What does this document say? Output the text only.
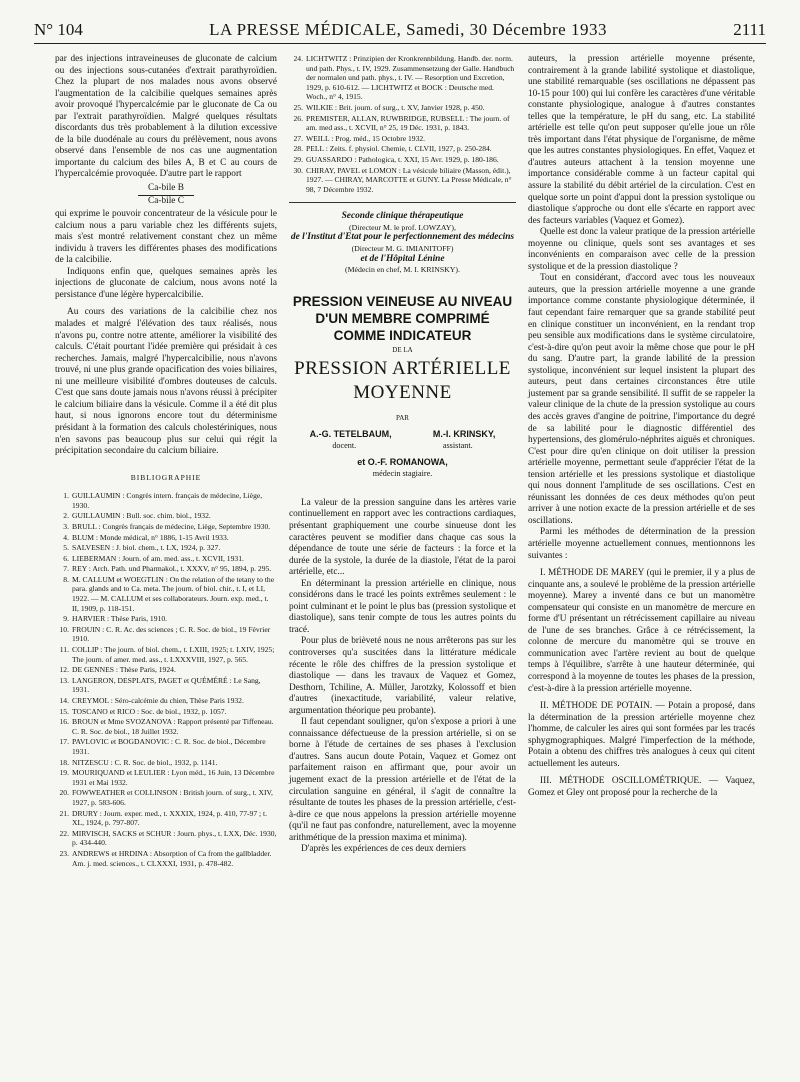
N° 104	LA PRESSE MÉDICALE, Samedi, 30 Décembre 1933	2111

par des injections intraveineuses de gluconate de calcium ou des injections sous-cutanées d'extrait parathyroïdien. Chez la plupart de nos malades nous avons observé l'augmentation de la calcibilie quelques semaines après avoir provoqué l'hypercalcémie par le gluconate de Ca ou par l'extrait parathyroïdien. Malgré quelques résultats discordants dus très probablement à la dilution excessive de la bile duodénale au cours du prélèvement, nous avons observé dans l'ensemble de nos cas une augmentation importante du calcium des biles A, B et C au cours de l'hypercalcémie provoquée. D'autre part le rapport

Ca-bile B
Ca-bile C

qui exprime le pouvoir concentrateur de la vésicule pour le calcium nous a paru variable chez les différents sujets, mais s'est montré relativement constant chez un même individu à travers les différentes phases des modifications de la calcibilie.

Indiquons enfin que, quelques semaines après les injections de gluconate de calcium, nous avons noté la persistance d'une légère hypercalcibilie.

Au cours des variations de la calcibilie chez nos malades et malgré l'élévation des taux réalisés, nous n'avons pu, contre notre attente, améliorer la visibilité des calculs. C'était pourtant l'idée première qui présidait à ces recherches. Jamais, malgré l'hypercalcibilie, nous n'avons trouvé, ni une plus grande opacification des voies biliaires, ni une meilleure visibilité d'ombres douteuses de calculs. C'est que sans doute jamais nous n'avons réussi à précipiter le calcium biliaire dans la vésicule. Comme il a été dit plus haut, si nous ignorons encore tout du déterminisme présidant à la formation des calculs cholestériniques, nous n'en savons pas beaucoup plus sur celui qui régit la précipitation secondaire du calcium biliaire.

BIBLIOGRAPHIE
1. GUILLAUMIN : Congrès intern. français de médecine, Liège, 1930.
2. GUILLAUMIN : Bull. soc. chim. biol., 1932.
3. BRULL : Congrès français de médecine, Liège, Septembre 1930.
4. BLUM : Monde médical, n° 1886, 1-15 Avril 1933.
5. SALVESEN : J. biol. chem., t. LX, 1924, p. 327.
6. LIEBERMAN : Journ. of am. med. ass., t. XCVII, 1931.
7. REY : Arch. Path. und Pharmakol., t. XXXV, n° 95, 1894, p. 295.
8. M. CALLUM et WOEGTLIN : On the relation of the tetany to the para. glands and to Ca. meta. The journ. of biol. chir., t. I, et LI, 1922. — M. CALLUM et ses collaborateurs. Journ. exp. med., t. II, 1909, p. 118-151.
9. HARVIER : Thèse Paris, 1910.
10. FROUIN : C. R. Ac. des sciences ; C. R. Soc. de biol., 19 Février 1910.
11. COLLIP : The journ. of biol. chem., t. LXIII, 1925; t. LXIV, 1925; The journ. of amer. med. ass., t. LXXXVIII, 1927, p. 565.
12. DE GENNES : Thèse Paris, 1924.
13. LANGERON, DESPLATS, PAGET et QUÉMÉRÉ : Le Sang, 1931.
14. CREYMOL : Séro-calcémie du chien, Thèse Paris 1932.
15. TOSCANO et RICO : Soc. de biol., 1932, p. 1057.
16. BROUN et Mme SVOZANOVA : Rapport présenté par Tiffeneau. C. R. Soc. de biol., 18 Juillet 1932.
17. PAVLOVIC et BOGDANOVIC : C. R. Soc. de biol., Décembre 1931.
18. NITZESCU : C. R. Soc. de biol., 1932, p. 1141.
19. MOURIQUAND et LEULIER : Lyon méd., 16 Juin, 13 Décembre 1931 et Mai 1932.
20. FOWWEATHER et COLLINSON : British journ. of surg., t. XIV, 1927, p. 583-606.
21. DRURY : Journ. exper. med., t. XXXIX, 1924, p. 410, 77-97 ; t. XL, 1924, p. 797-807.
22. MIRVISCH, SACKS et SCHUR : Journ. phys., t. LXX, Déc. 1930, p. 434-440.
23. ANDREWS et HRDINA : Absorption of Ca from the gallbladder. Am. j. med. sciences., t. CLXXXI, 1931, p. 478-482.
24. LICHTWITZ : Prinzipien der Kronkrennbildung. Handb. der. norm. und path. Phys., t. IV, 1929. Zusammensetzung der Galle. Handbuch der normalen und path. phys., t. IV. — Resorption und Excretion, 1929, p. 610-612. — LICHTWITZ et BOCK : Deutsche med. Woch., n° 4, 1915.
25. WILKIE : Brit. journ. of surg., t. XV, Janvier 1928, p. 450.
26. PREMISTER, ALLAN, RUWBRIDGE, RUBSELL : The journ. of am. med ass., t. XCVII, n° 25, 19 Déc. 1931, p. 1843.
27. WEILL : Prog. méd., 15 Octobre 1932.
28. PELL : Zeits. f. physiol. Chemie, t. CLVII, 1927, p. 250-284.
29. GUASSARDO : Pathologica, t. XXI, 15 Avr. 1929, p. 180-186.
30. CHIRAY, PAVEL et LOMON : La vésicule biliaire (Masson, édit.), 1927. — CHIRAY, MARCOTTE et GUNY. La Presse Médicale, n° 98, 7 Décembre 1932.
Seconde clinique thérapeutique
(Directeur M. le prof. LOWZAY),
de l'Institut d'Etat pour le perfectionnement des médecins
(Directeur M. G. IMIANITOFF)
et de l'Hôpital Lénine
(Médecin en chef, M. I. KRINSKY).
PRESSION VEINEUSE AU NIVEAU
D'UN MEMBRE COMPRIMÉ
COMME INDICATEUR
DE LA
PRESSION ARTÉRIELLE
MOYENNE
PAR
A.-G. TETELBAUM,	M.-I. KRINSKY,
docent.	assistant.
et O.-F. ROMANOWA,
médecin stagiaire.

La valeur de la pression sanguine dans les artères varie continuellement en rapport avec les contractions cardiaques, présentant graphiquement une courbe sinueuse dont les caractères peuvent se modifier dans chaque cas sous la dépendance de toute une série de facteurs : la force et la durée de la systole, la durée de la diastole, l'état de la paroi artérielle, etc...

En déterminant la pression artérielle en clinique, nous considérons dans le tracé les points extrêmes seulement : le point culminant et le point le plus bas (pression systolique et diastolique), sans tenir compte de tous les autres points du tracé.

Pour plus de brièveté nous ne nous arrêterons pas sur les controverses qu'a suscitées dans la littérature médicale récente le rôle des chiffres de la pression systolique et diastolique — dans les travaux de Vaquez et Gomez, Desthorn, Tchiline, A. Müller, Jarotzky, Kolossoff et bien d'autres (inexactitude, variabilité, valeur relative, argumentation théorique peu probante).

Il faut cependant souligner, qu'on s'expose a priori à une connaissance défectueuse de la pression artérielle, si on se borne à l'étude de certaines de ses phases à l'exclusion d'autres. Sans aucun doute Potain, Vaquez et Gomez ont parfaitement raison en affirmant que, pour avoir un jugement exact de la pression artérielle et de l'état de la circulation sanguine en général, il s'agit de connaître la résultante de toutes les phases de la pression artérielle, c'est-à-dire ce que nous appelons la pression artérielle moyenne (qu'il ne faut pas confondre, naturellement, avec la moyenne arithmétique de la pression maxima et minima).

D'après les expériences de ces deux derniers

auteurs, la pression artérielle moyenne présente, contrairement à la grande labilité systolique et diastolique, une stabilité remarquable (ses oscillations ne dépassent pas 10-15 pour 100) qui lui confère les caractères d'une véritable constante physiologique, analogue à d'autres constantes telles que la température, le pH du sang, etc. La stabilité artérielle est telle qu'on peut supposer qu'elle joue un rôle très important dans l'état physique de l'organisme, de même que les autres constantes physiologiques. En effet, Vaquez et d'autres auteurs attachent à la tension moyenne une importance considérable comme à un facteur capital qui assure la stabilité du débit artériel de la circulation. C'est en quelque sorte un point d'appui dont la pression systolique ou diastolique s'approche ou dont elle s'écarte en rapport avec des facteurs variables (Vaquez et Gomez).

Quelle est donc la valeur pratique de la pression artérielle moyenne ou clinique, quels sont ses avantages et ses inconvénients en comparaison avec celle de la pression systolique et de la pression diastolique ?

Tout en considérant, d'accord avec tous les nouveaux auteurs, que la pression artérielle moyenne a une grande importance comme constante physiologique déterminée, il faut cependant faire remarquer que sa grande stabilité peut en clinique constituer un inconvénient, en la rendant trop peu sensible aux modifications dans le système circulatoire, c'est-à-dire qu'on peut avoir la même chose que pour le pH du sang. D'autre part, la grande labilité de la pression systolique, inconvénient sur lequel insistent la plupart des auteurs, peut dans certaines circonstances être utile justement par sa grande sensibilité. Il suffit de se rappeler la valeur clinique de la chute de la pression systolique au cours des accès graves d'angine de poitrine, l'importance du degré de sa labilité pour le diagnostic différentiel des hypertensions, des glomérulo-néphrites aiguës et chroniques. C'est pour dire qu'en clinique on doit utiliser la pression artérielle moyenne, permettant seule d'apprécier l'état de la tension artérielle et les pressions systolique et diastolique qui nous donnent l'amplitude de ses oscillations. C'est en réunissant les données de ces deux méthodes qu'on peut arriver à une notion exacte de la pression artérielle et de ses oscillations.

Parmi les méthodes de détermination de la pression artérielle moyenne actuellement connues, mentionnons les suivantes :

I. MÉTHODE DE MAREY (qui le premier, il y a plus de cinquante ans, a soulevé le problème de la pression artérielle moyenne). Marey a inventé dans ce but un manomètre compensateur qui consiste en un manomètre de mercure en forme d'U présentant un rétrécissement capillaire au niveau de l'une de ses branches. Grâce à ce rétrécissement, la colonne de mercure du manomètre qui se trouve en communication avec l'artère revient au bout de quelque temps à l'équilibre, s'arrête à une hauteur déterminée, qui correspond à la moyenne de toutes les phases de la pression, c'est-à-dire à la pression artérielle moyenne.

II. MÉTHODE DE POTAIN. — Potain a proposé, dans la détermination de la pression artérielle moyenne chez l'homme, de calculer les aires qui sont formées par les tracés sphygmographiques. Malgré l'imperfection de la méthode, Potain a obtenu des chiffres très analogues à ceux qui citent actuellement les auteurs.

III. MÉTHODE OSCILLOMÉTRIQUE. — Vaquez, Gomez et Gley ont proposé pour la recherche de la
